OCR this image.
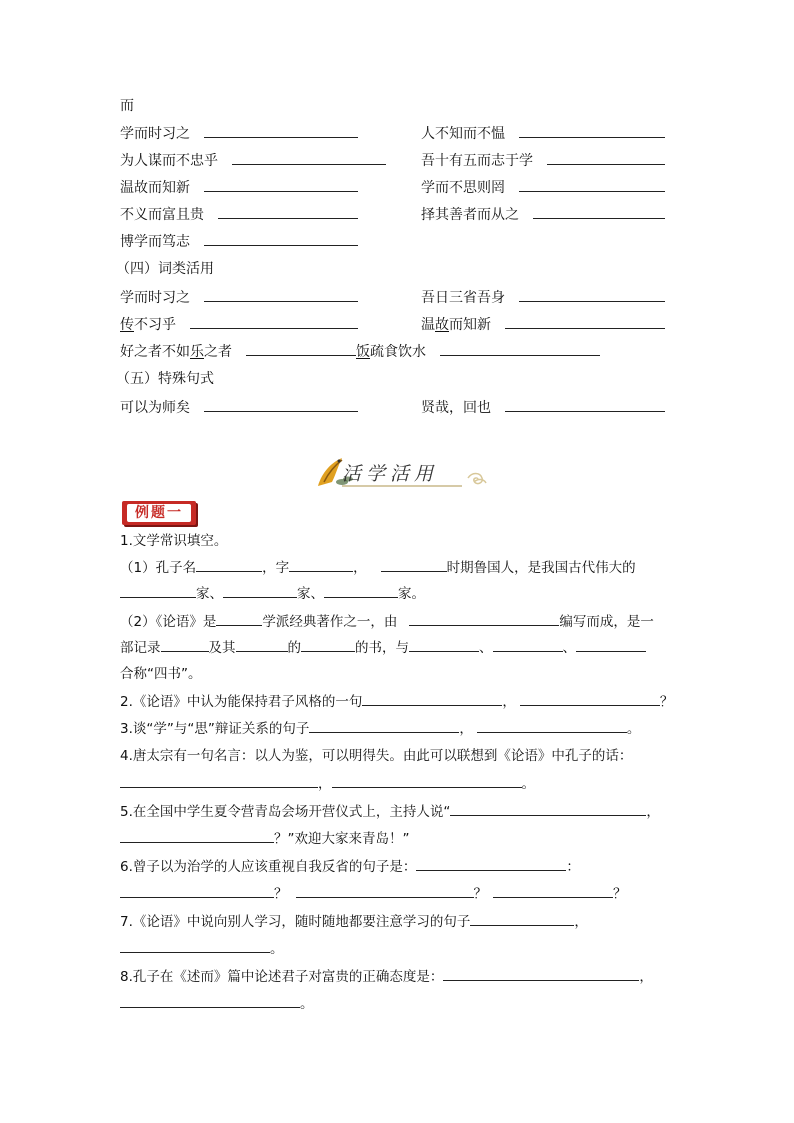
而
学而时习之	人不知而不愠
为人谋而不忠乎	吾十有五而志于学
温故而知新	学而不思则罔
不义而富且贵	择其善者而从之
博学而笃志
（四）词类活用
学而时习之	吾日三省吾身
传不习乎	温故而知新
好之者不如乐之者	饭疏食饮水
（五）特殊句式
可以为师矣	贤哉，回也
活学活用
例题一
1.文学常识填空。
（1）孔子名	，字	，	时期鲁国人，是我国古代伟大的
家、	家、	家。
（2）《论语》是	学派经典著作之一，由	编写而成，是一
部记录	及其	的	的书，与	、	、
合称“四书”。
2.《论语》中认为能保持君子风格的一句	，	？
3.谈“学”与“思”辩证关系的句子	，	。
4.唐太宗有一句名言：以人为鉴，可以明得失。由此可以联想到《论语》中孔子的话：
，	。
5.在全国中学生夏令营青岛会场开营仪式上，主持人说“	，
？”欢迎大家来青岛！”
6.曾子以为治学的人应该重视自我反省的句子是：	：
？	？	？
7.《论语》中说向别人学习，随时随地都要注意学习的句子	，
。
8.孔子在《述而》篇中论述君子对富贵的正确态度是：	，
。
